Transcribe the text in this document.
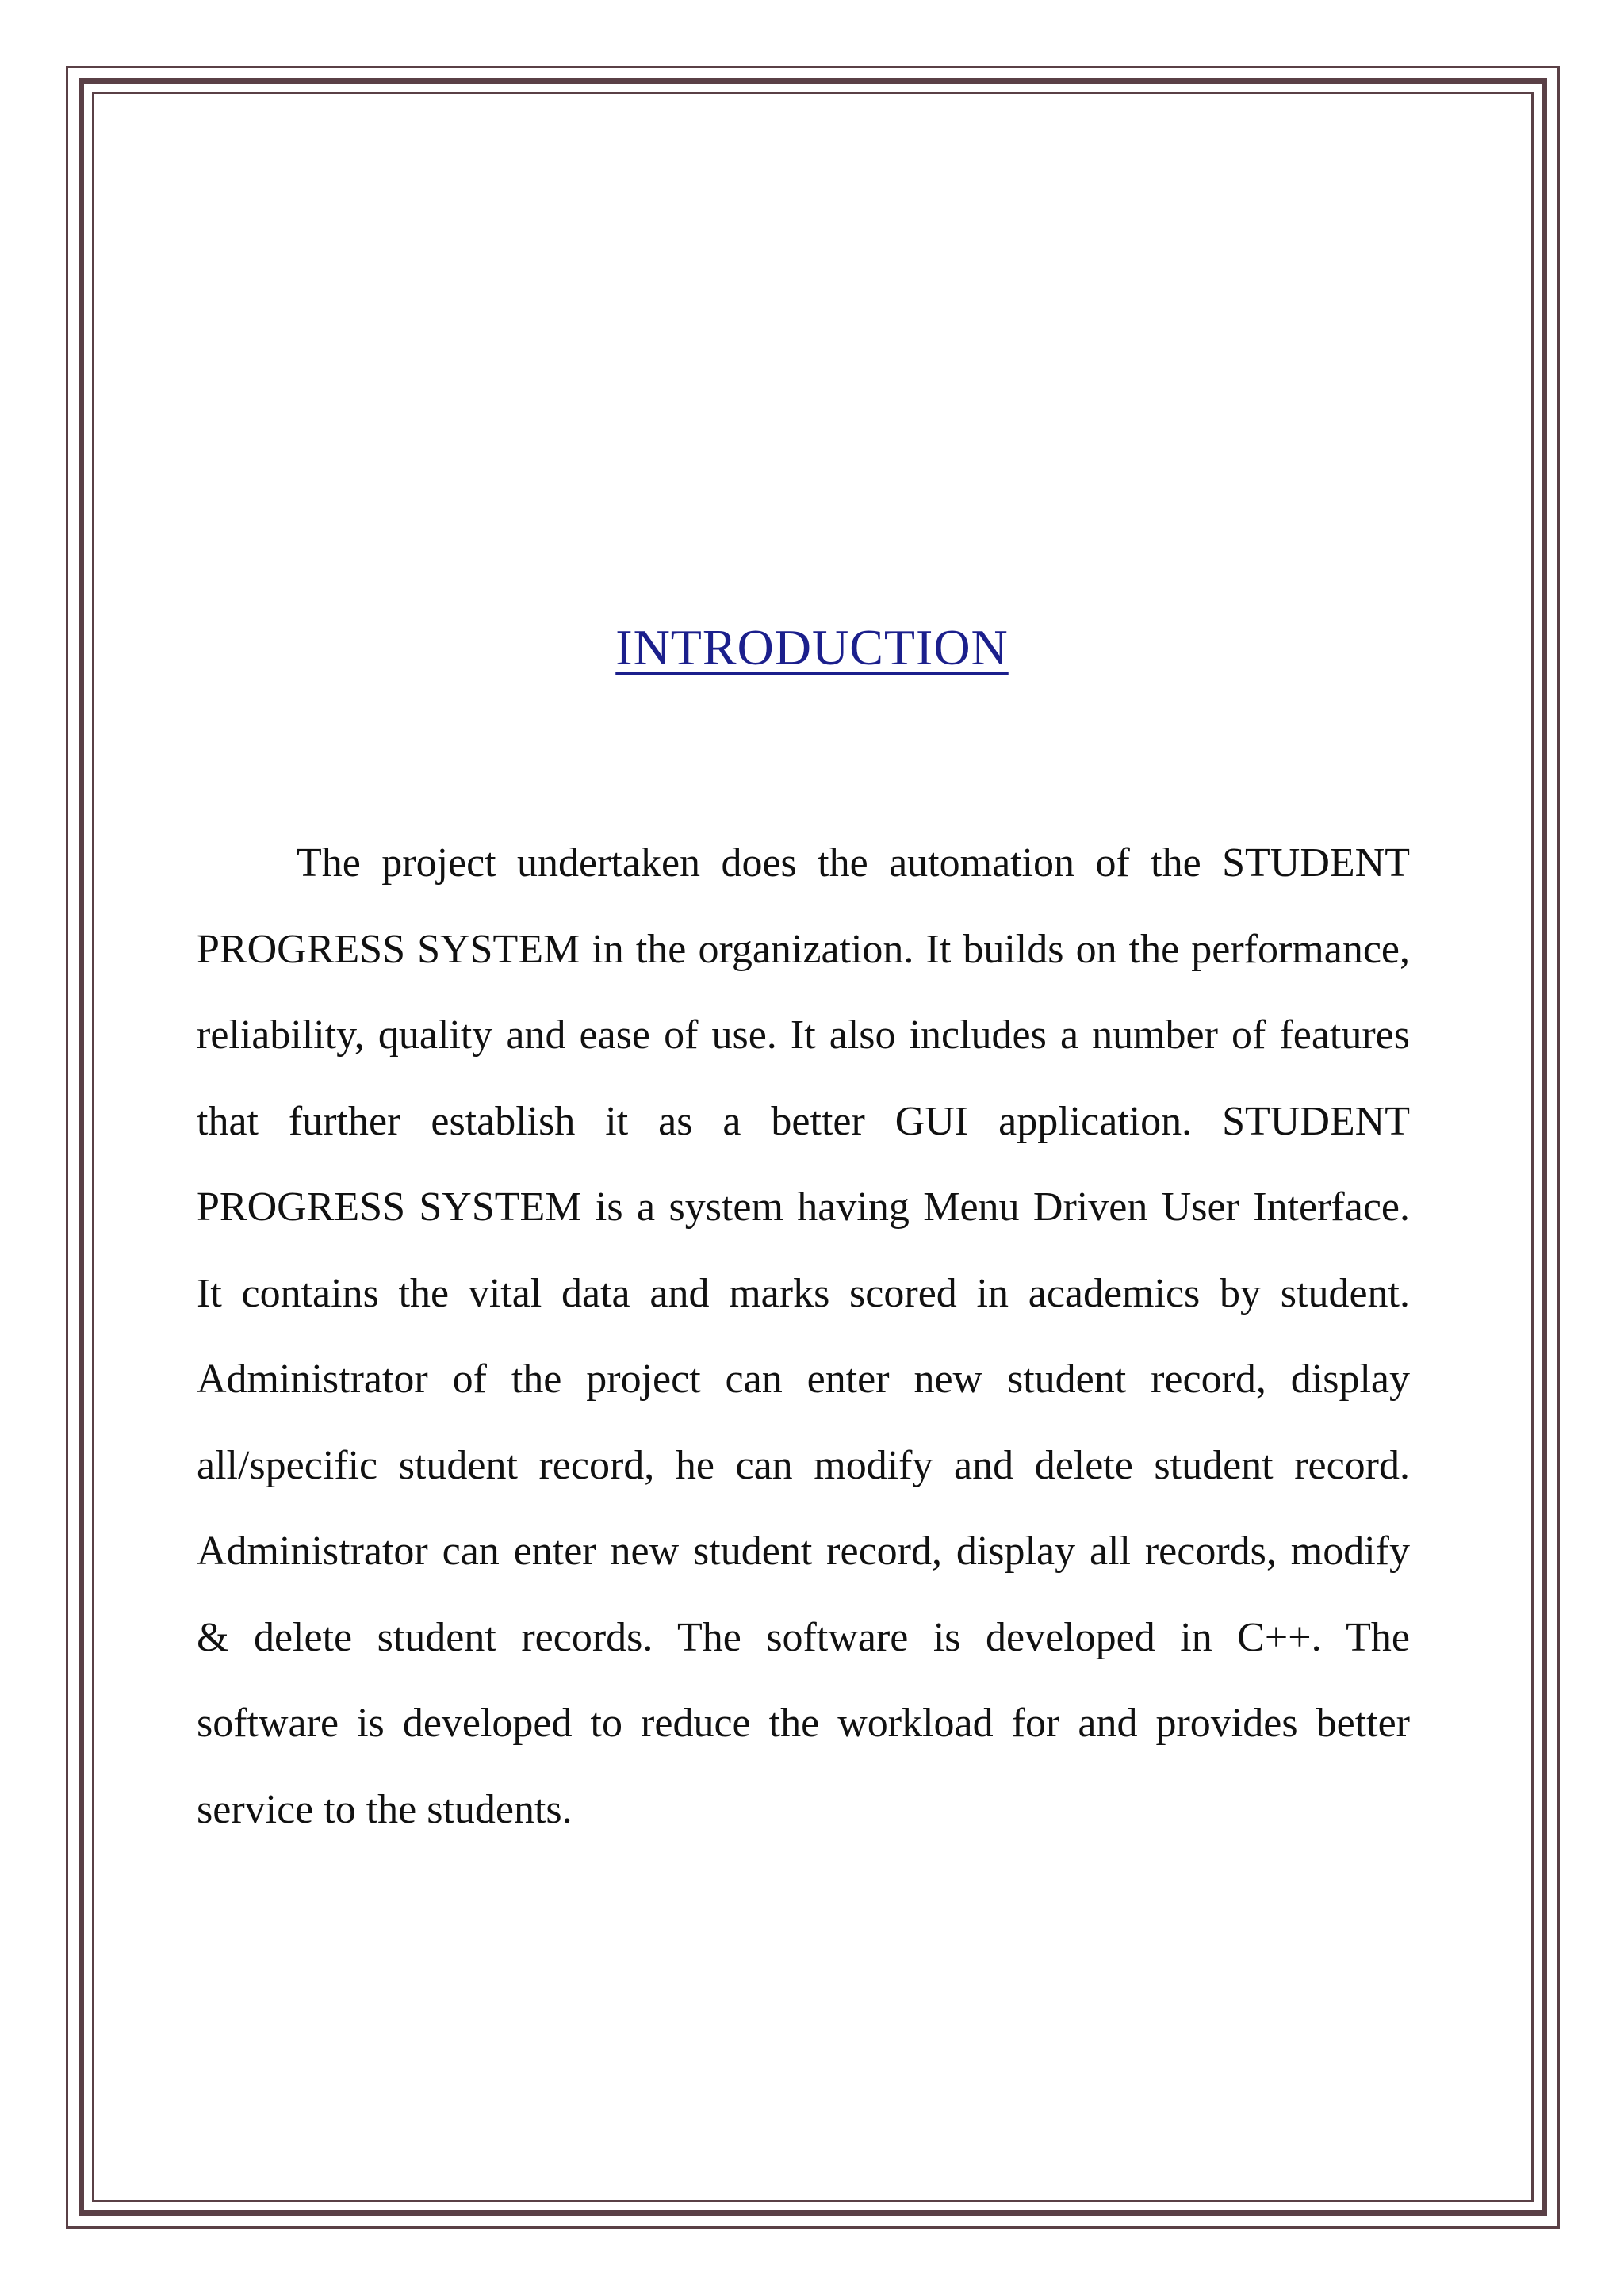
INTRODUCTION

The project undertaken does the automation of the STUDENT PROGRESS SYSTEM in the organization. It builds on the performance, reliability, quality and ease of use. It also includes a number of features that further establish it as a better GUI application. STUDENT PROGRESS SYSTEM is a system having Menu Driven User Interface. It contains the vital data and marks scored in academics by student. Administrator of the project can enter new student record, display all/specific student record, he can modify and delete student record. Administrator can enter new student record, display all records, modify & delete student records. The software is developed in C++. The software is developed to reduce the workload for and provides better service to the students.
